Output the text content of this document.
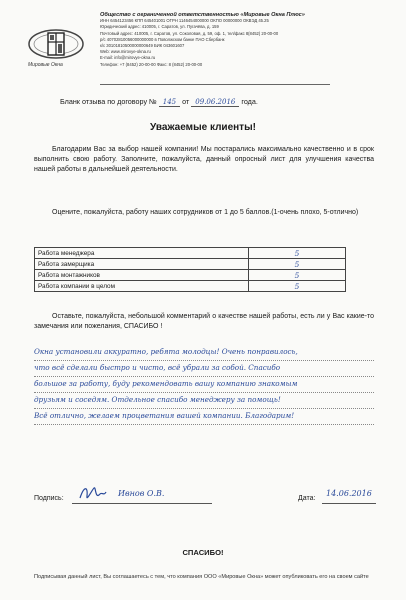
Мировые Окна
Общество с ограниченной ответственностью «Мировые Окна Плюс»
ИНН 6454123456 КПП 645401001 ОГРН 1146454000000 ОКПО 00000000 ОКВЭД 45.25
Юридический адрес: 410005, г. Саратов, ул. Пугачёва, д. 159
Почтовый адрес: 410005, г. Саратов, ул. Соколовая, д. 59, оф. 1, тел/факс 8(8452) 20-00-00
р/с 40702810056000000000 в Поволжском банке ПАО Сбербанк
к/с 30101810500000000649 БИК 043601607
Web: www.mirovye-okna.ru
E-mail: info@mirovye-okna.ru
Телефон: +7 (8452) 20-00-00 Факс: 8 (8452) 20-00-00
Бланк отзыва по договору № 145 от 09.06.2016 года.
Уважаемые клиенты!
Благодарим Вас за выбор нашей компании! Мы постарались максимально качественно и в срок выполнить свою работу. Заполните, пожалуйста, данный опросный лист для улучшения качества нашей работы в дальнейшей деятельности.
Оцените, пожалуйста, работу наших сотрудников от 1 до 5 баллов.(1-очень плохо, 5-отлично)
Работа менеджера	5
Работа замерщика	5
Работа монтажников	5
Работа компании в целом	5
Оставьте, пожалуйста, небольшой комментарий о качестве нашей работы, есть ли у Вас какие-то замечания или пожелания, СПАСИБО !
Окна установили аккуратно, ребята молодцы! Очень понравилось,
что всё сделали быстро и чисто, всё убрали за собой. Спасибо
большое за работу, буду рекомендовать вашу компанию знакомым
друзьям и соседям. Отдельное спасибо менеджеру за помощь!
Всё отлично, желаем процветания вашей компании. Благодарим!
Подпись:
Ивнов О.В.
Дата:
14.06.2016
СПАСИБО!
Подписывая данный лист, Вы соглашаетесь с тем, что компания ООО «Мировые Окна» может опубликовать его на своем сайте
